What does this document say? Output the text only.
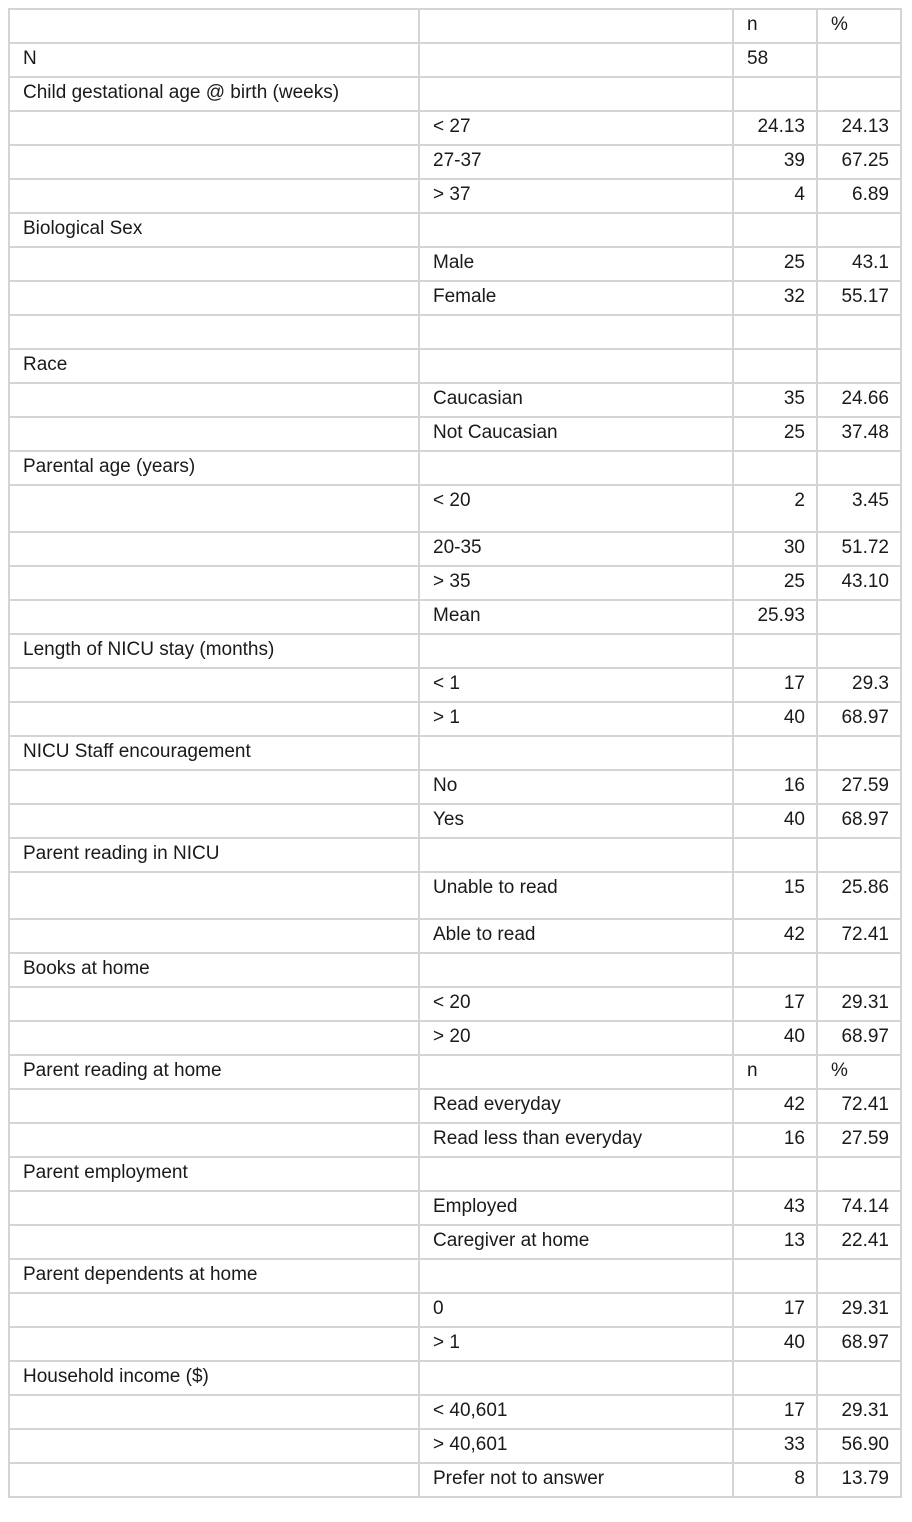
		n	%
N		58	
Child gestational age @ birth (weeks)			
	< 27	24.13	24.13
	27-37	39	67.25
	> 37	4	6.89
Biological Sex			
	Male	25	43.1
	Female	32	55.17

Race			
	Caucasian	35	24.66
	Not Caucasian	25	37.48
Parental age (years)			
	< 20	2	3.45
	20-35	30	51.72
	> 35	25	43.10
	Mean	25.93	
Length of NICU stay (months)			
	< 1	17	29.3
	> 1	40	68.97
NICU Staff encouragement			
	No	16	27.59
	Yes	40	68.97
Parent reading in NICU			
	Unable to read	15	25.86
	Able to read	42	72.41
Books at home			
	< 20	17	29.31
	> 20	40	68.97
Parent reading at home		n	%
	Read everyday	42	72.41
	Read less than everyday	16	27.59
Parent employment			
	Employed	43	74.14
	Caregiver at home	13	22.41
Parent dependents at home			
	0	17	29.31
	> 1	40	68.97
Household income ($)			
	< 40,601	17	29.31
	> 40,601	33	56.90
	Prefer not to answer	8	13.79
